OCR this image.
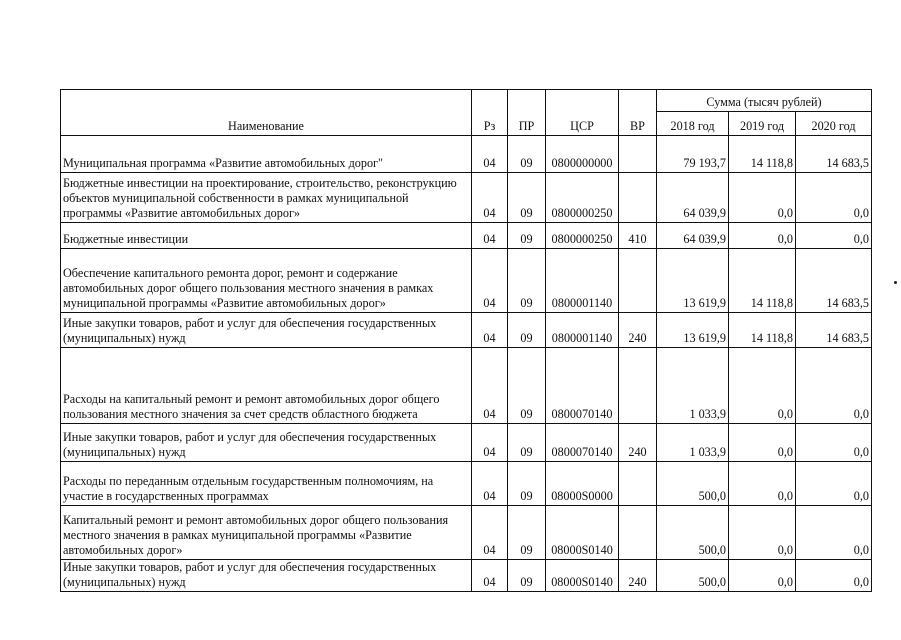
Наименование	Рз	ПР	ЦСР	ВР	Сумма (тысяч рублей)		
					2018 год	2019 год	2020 год
Муниципальная программа «Развитие автомобильных дорог"	04	09	0800000000		79 193,7	14 118,8	14 683,5
Бюджетные инвестиции на проектирование, строительство, реконструкцию объектов муниципальной собственности в рамках муниципальной программы «Развитие автомобильных дорог»	04	09	0800000250		64 039,9	0,0	0,0
Бюджетные инвестиции	04	09	0800000250	410	64 039,9	0,0	0,0
Обеспечение капитального ремонта дорог, ремонт и содержание автомобильных дорог общего пользования местного значения в рамках муниципальной программы «Развитие автомобильных дорог»	04	09	0800001140		13 619,9	14 118,8	14 683,5
Иные закупки товаров, работ и услуг для обеспечения государственных (муниципальных) нужд	04	09	0800001140	240	13 619,9	14 118,8	14 683,5
Расходы на капитальный ремонт и ремонт автомобильных дорог общего пользования местного значения за счет средств областного бюджета	04	09	0800070140		1 033,9	0,0	0,0
Иные закупки товаров, работ и услуг для обеспечения государственных (муниципальных) нужд	04	09	0800070140	240	1 033,9	0,0	0,0
Расходы по переданным отдельным государственным полномочиям, на участие в государственных программах	04	09	08000S0000		500,0	0,0	0,0
Капитальный ремонт и ремонт автомобильных дорог общего пользования местного значения в рамках муниципальной программы «Развитие автомобильных дорог»	04	09	08000S0140		500,0	0,0	0,0
Иные закупки товаров, работ и услуг для обеспечения государственных (муниципальных) нужд	04	09	08000S0140	240	500,0	0,0	0,0
